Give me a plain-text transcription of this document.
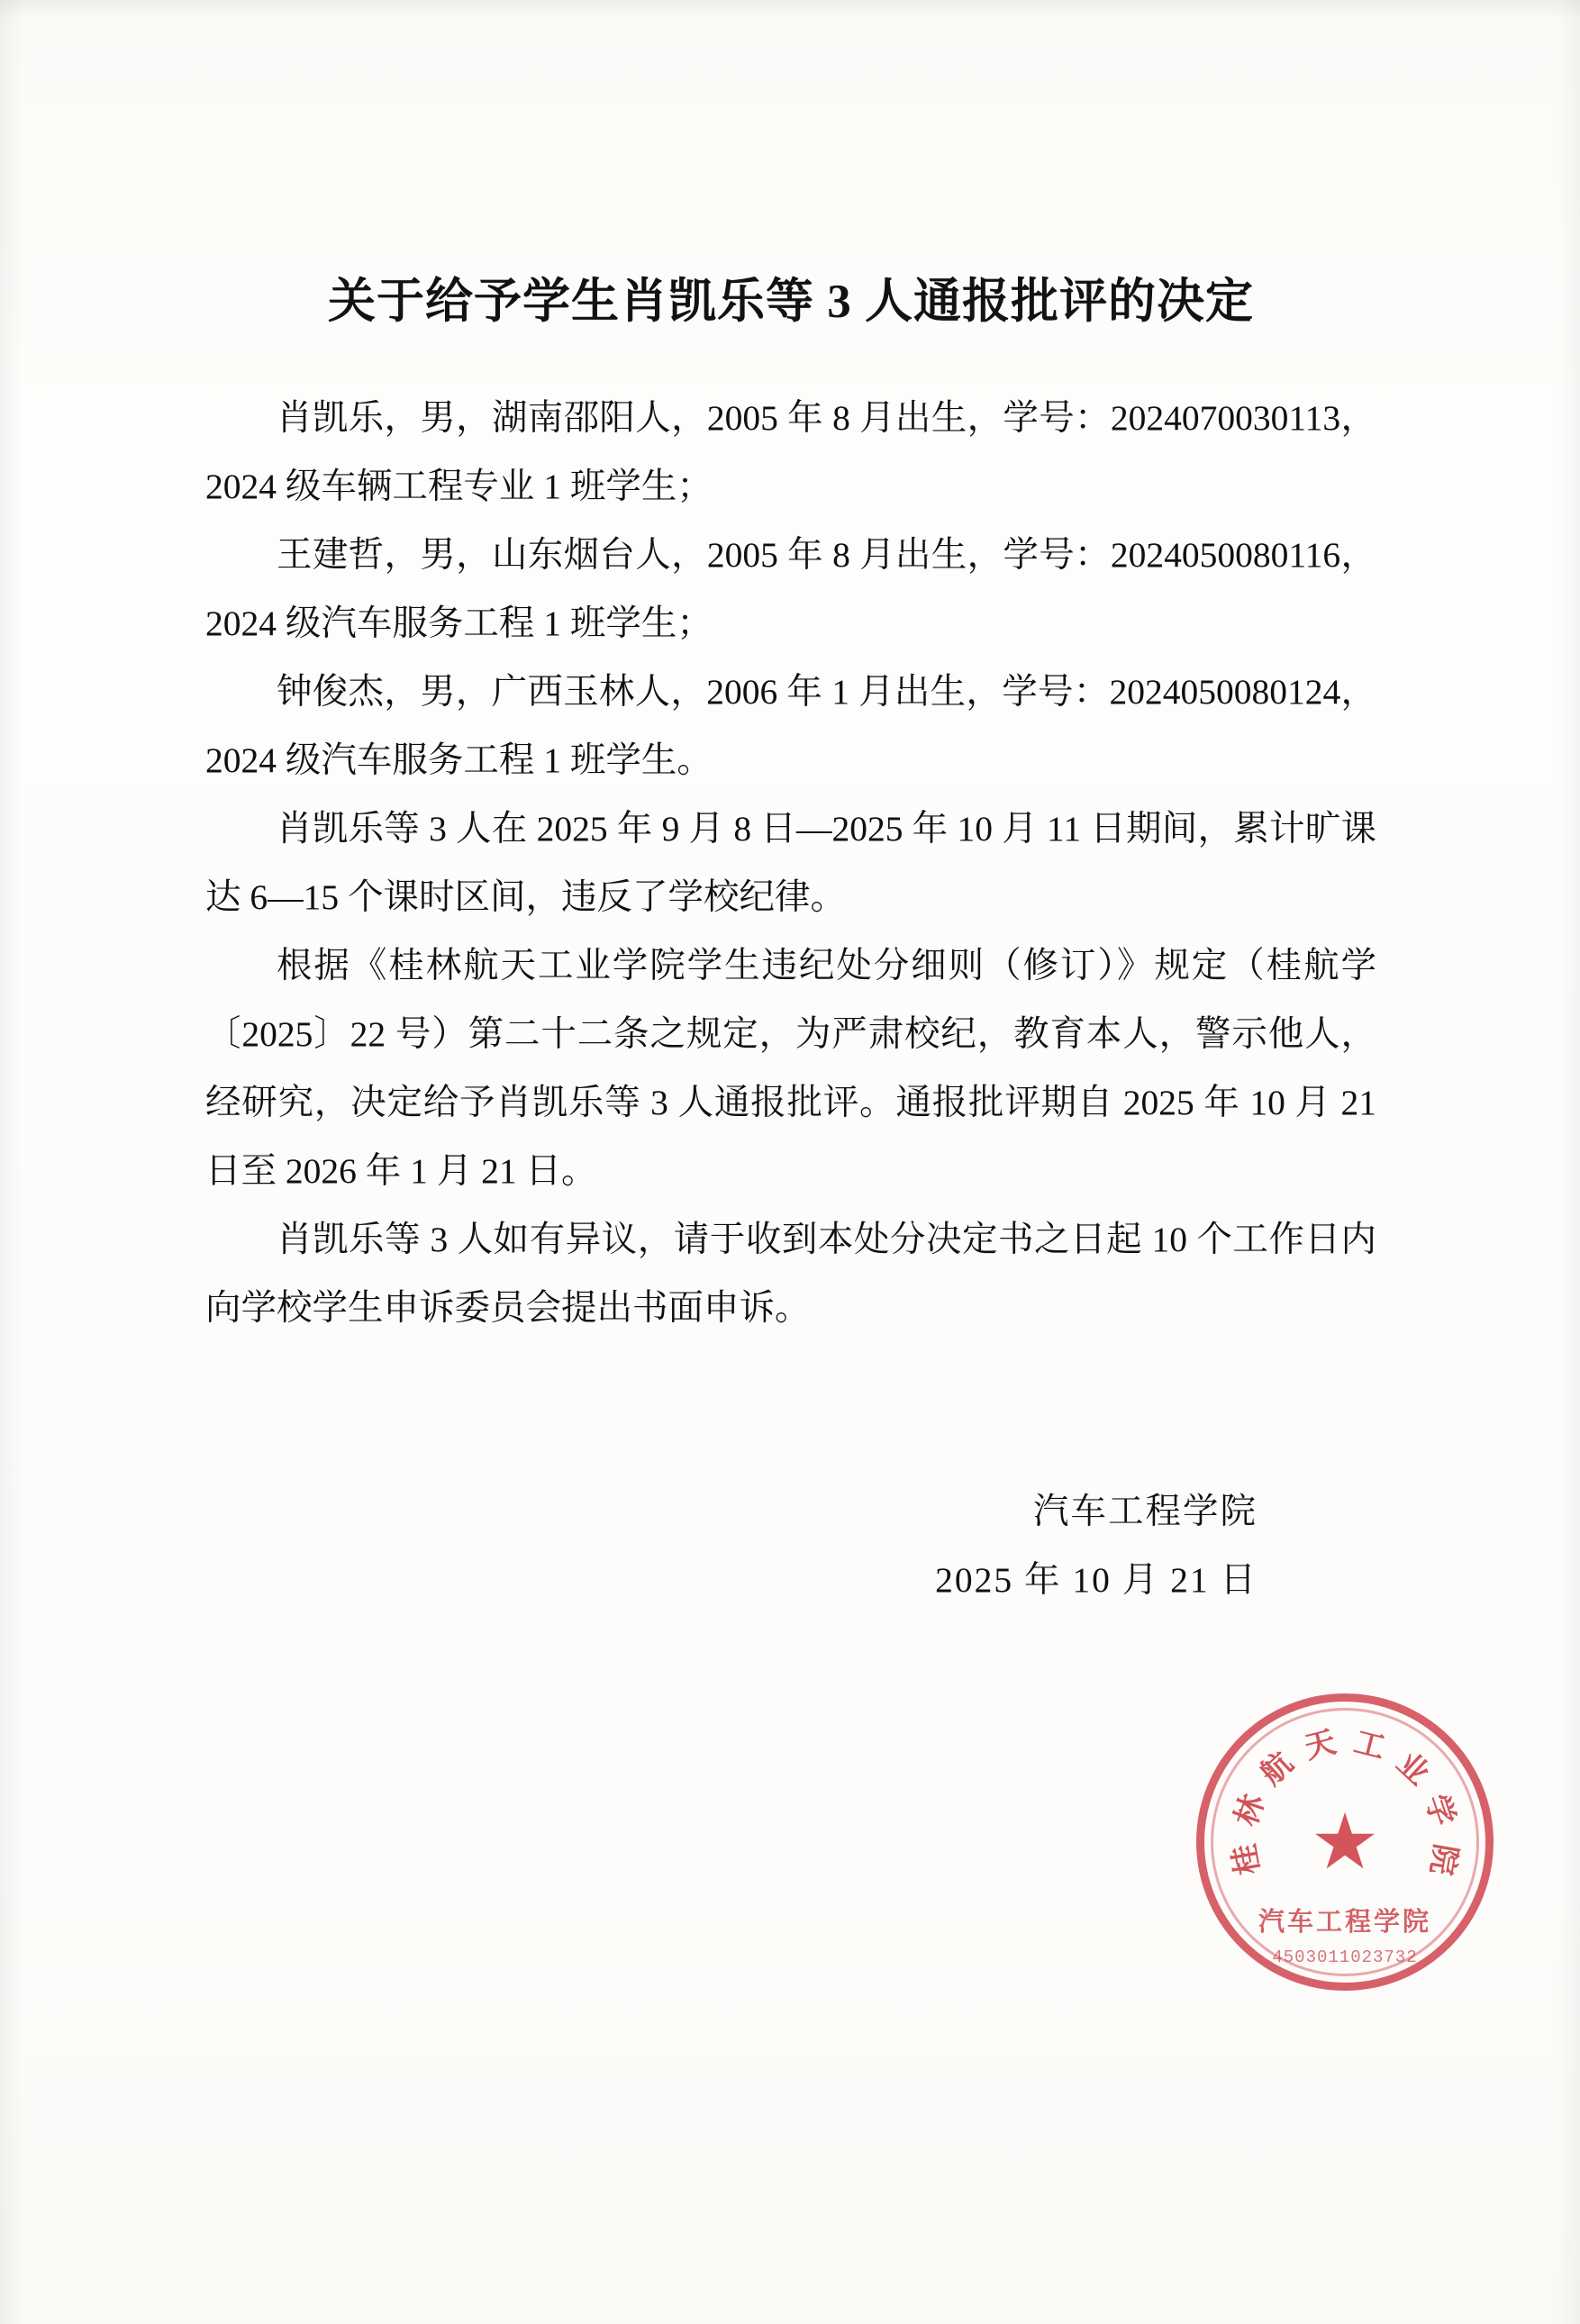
关于给予学生肖凯乐等 3 人通报批评的决定

肖凯乐，男，湖南邵阳人，2005 年 8 月出生，学号：2024070030113，2024 级车辆工程专业 1 班学生；

王建哲，男，山东烟台人，2005 年 8 月出生，学号：2024050080116，2024 级汽车服务工程 1 班学生；

钟俊杰，男，广西玉林人，2006 年 1 月出生，学号：2024050080124，2024 级汽车服务工程 1 班学生。

肖凯乐等 3 人在 2025 年 9 月 8 日—2025 年 10 月 11 日期间，累计旷课达 6—15 个课时区间，违反了学校纪律。

根据《桂林航天工业学院学生违纪处分细则（修订）》规定（桂航学〔2025〕22 号）第二十二条之规定，为严肃校纪，教育本人，警示他人，经研究，决定给予肖凯乐等 3 人通报批评。通报批评期自 2025 年 10 月 21 日至 2026 年 1 月 21 日。

肖凯乐等 3 人如有异议，请于收到本处分决定书之日起 10 个工作日内向学校学生申诉委员会提出书面申诉。

汽车工程学院
2025 年 10 月 21 日
桂
林
航
天 工
业
学
院
★
汽车工程学院
4503011023732
